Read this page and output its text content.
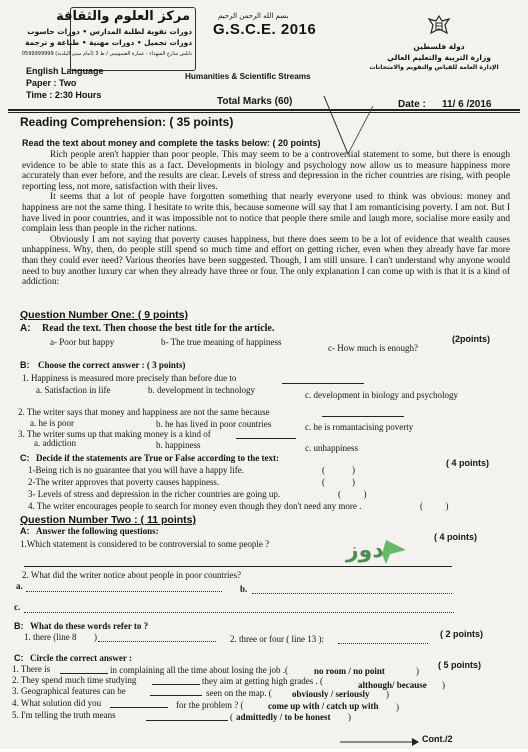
مركز العلوم والثقافة
دورات تقوية لطلبة المدارس • دورات حاسوب
دورات تجميل • دورات مهنية • طباعة و ترجمة
نابلس شارع الشهداء - عمارة العينبوسي / ط 3 (أمام مبنى البلدية) 0599999999
بسم الله الرحمن الرحيم
G.S.C.E. 2016
دولة فلسطين
وزارة التربية والتعليم العالي
الإدارة العامة للقياس والتقويم والامتحانات
English Language
Paper : Two
Time : 2:30 Hours
Humanities & Scientific Streams
Total Marks (60)	Date : 11/ 6 /2016
Reading Comprehension: ( 35 points)
Read the text about money and complete the tasks below: ( 20 points)

Rich people aren't happier than poor people. This may seem to be a controversial statement to some, but there is enough evidence to be able to state this as a fact. Developments in biology and psychology now allow us to measure happiness more accurately than ever before, and the results are clear. Levels of stress and depression in the richer countries are rising, with people reporting less, not more, satisfaction with their lives.

It seems that a lot of people have forgotten something that nearly everyone used to think was obvious: money and happiness are not the same thing. I hesitate to write this, because someone will say that I am romanticising poverty. I am not. But I have lived in poor countries, and it was impossible not to notice that people there smile and laugh more, socialise more easily and complain less than people in the richer nations.

Obviously I am not saying that poverty causes happiness, but there does seem to be a lot of evidence that wealth causes unhappiness. Why, then, do people still spend so much time and effort on getting richer, even when they already have far more than they could ever need? Various theories have been suggested. Though, I am still unsure. I can't understand why anyone would need to buy another luxury car when they already have three or four. The only explanation I can come up with is that it is a kind of addiction:

Question Number One: ( 9 points)
A: Read the text. Then choose the best title for the article.
(2points)
a- Poor but happy	b- The true meaning of happiness
c- How much is enough?
B: Choose the correct answer : ( 3 points)
1. Happiness is measured more precisely than before due to
a. Satisfaction in life	b. development in technology	c. development in biology and psychology
2. The writer says that money and happiness are not the same because
a. he is poor	b. he has lived in poor countries	c. he is romantacising poverty
3. The writer sums up that making money is a kind of
a. addiction	b. happiness	c. unhappiness
C: Decide if the statements are True or False according to the text:	( 4 points)
1-Being rich is no guarantee that you will have a happy life.	(            )
2-The writer approves that poverty causes happiness.	(            )
3- Levels of stress and depression in the richer countries are going up.	(          )
4. The writer encourages people to search for money even though they don't need any more .	(          )
Question Number Two : ( 11 points)
A: Answer the following questions:
( 4 points)
1.Which statement is considered to be controversial to some people ?	دوز
2. What did the writer notice about people in poor countries?
a.	b.
c.
B: What do these words refer to ?
( 2 points)
1. there (line 8 )	2. three or four ( line 13 ):
C: Circle the correct answer :
( 5 points)
1. There is	in complaining all the time about losing the job .(	no room / no point	)
2. They spend much time studying	they aim at getting high grades . (	although/ because )
3. Geographical features can be	seen on the map. ( obviously / seriously )
4. What solution did you	for the problem ? (	come up with / catch up with )
5. I'm telling the truth means	( admittedly / to be honest )
Cont./2
